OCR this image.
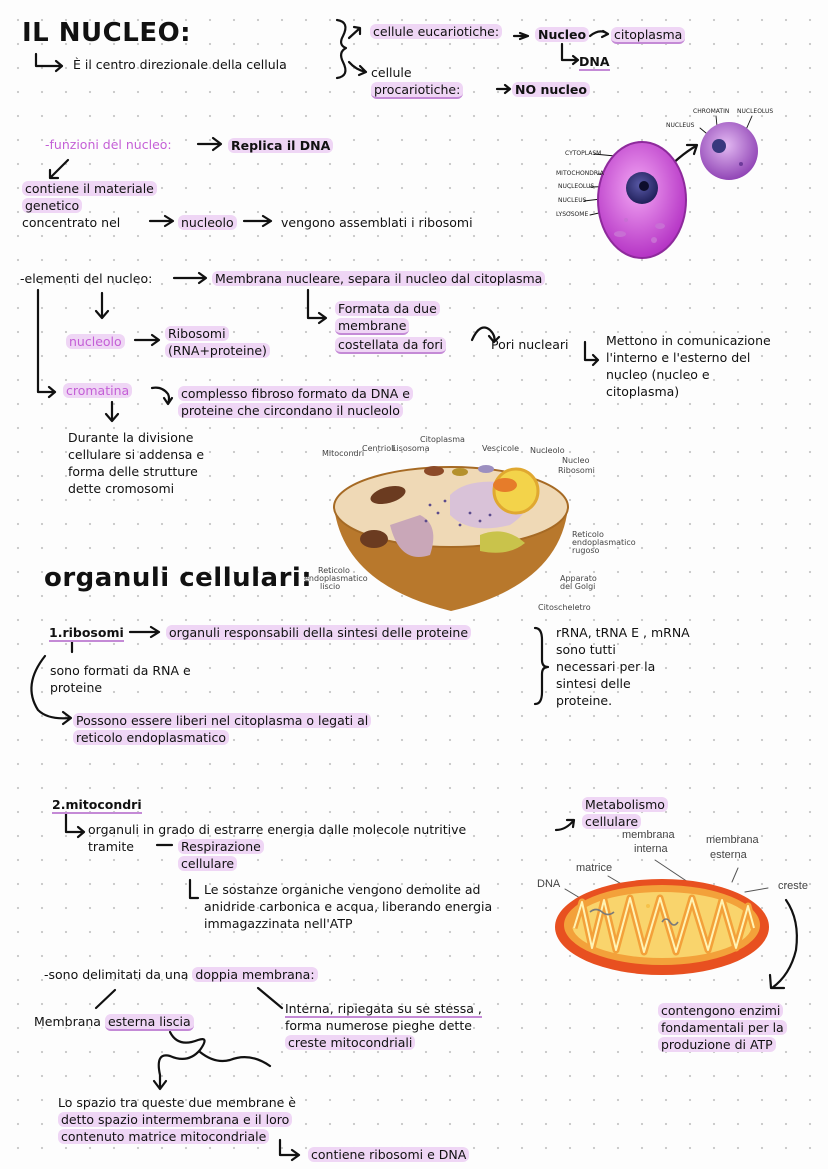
IL NUCLEO:
È il centro direzionale della cellula
cellule eucariotiche:	Nucleo citoplasma
DNA
cellule
procariotiche:	NO nucleo
-funzioni del nucleo:	Replica il DNA
contiene il materiale
genetico
concentrato nel	nucleolo	vengono assemblati i ribosomi
CYTOPLASM
MITOCHONDRIA
NUCLEOLUS
NUCLEUS
LYSOSOME
CHROMATIN NUCLEOLUS
NUCLEUS
-elementi del nucleo:	Membrana nucleare, separa il nucleo dal citoplasma
Formata da due
membrane
costellata da fori	Pori nucleari	Mettono in comunicazione
l'interno e l'esterno del
nucleo (nucleo e
citoplasma)
nucleolo
Ribosomi
(RNA+proteine)
cromatina	complesso fibroso formato da DNA e
proteine che circondano il nucleolo
Durante la divisione
cellulare si addensa e
forma delle strutture
dette cromosomi
Mitocondri
Centrioli
Lisosoma
Citoplasma
Vescicole Nucleolo
Nucleo
Ribosomi
Reticolo
endoplasmatico
rugoso
Reticolo
endoplasmatico
liscio
Apparato
del Golgi
Citoscheletro
organuli cellulari:
1.ribosomi	organuli responsabili della sintesi delle proteine
sono formati da RNA e
proteine
Possono essere liberi nel citoplasma o legati al
reticolo endoplasmatico
rRNA, tRNA E , mRNA
sono tutti
necessari per la
sintesi delle
proteine.
2.mitocondri
organuli in grado di estrarre energia dalle molecole nutritive
Metabolismo
cellulare
tramite	Respirazione
cellulare
Le sostanze organiche vengono demolite ad
anidride carbonica e acqua, liberando energia
immagazzinata nell'ATP
membrana
interna
membrana
esterna
matrice
DNA	creste
-sono delimitati da una doppia membrana:
Membrana esterna liscia
Interna, ripiegata su se stessa ,
forma numerose pieghe dette
creste mitocondriali
Lo spazio tra queste due membrane è
detto spazio intermembrana e il loro
contenuto matrice mitocondriale
contiene ribosomi e DNA
contengono enzimi
fondamentali per la
produzione di ATP
